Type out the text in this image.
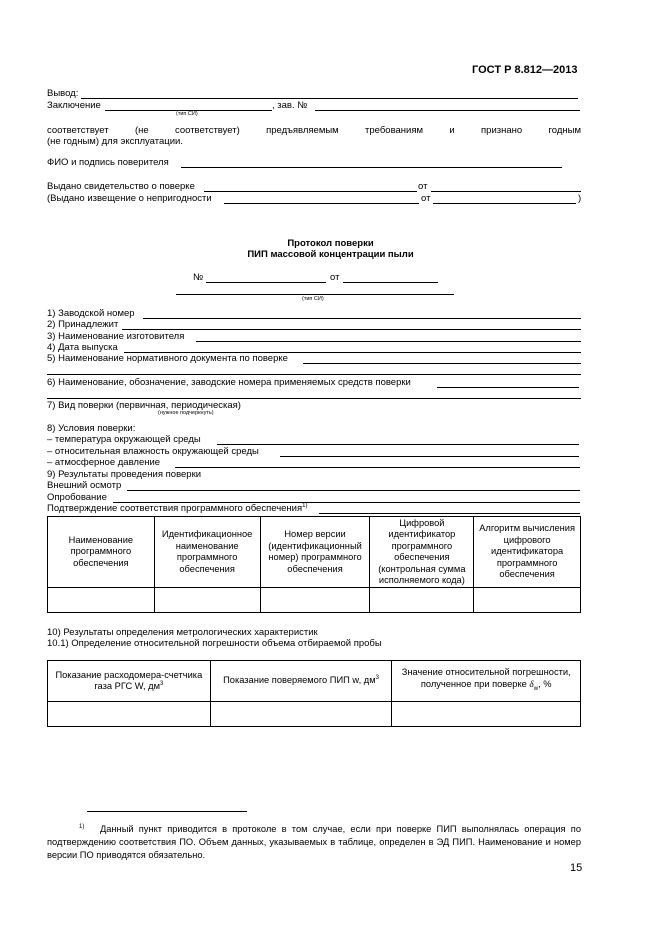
ГОСТ Р 8.812—2013
Вывод:
Заключение	, зав. №
(тип СИ)
соответствует	(не	соответствует)	предъявляемым	требованиям	и	признано	годным
(не годным) для эксплуатации.
ФИО и подпись поверителя
Выдано свидетельство о поверке	от
(Выдано извещение о непригодности	от	)
Протокол поверки
ПИП массовой концентрации пыли
№	от
(тип СИ)
1) Заводской номер
2) Принадлежит
3) Наименование изготовителя
4) Дата выпуска
5) Наименование нормативного документа по поверке
6) Наименование, обозначение, заводские номера применяемых средств поверки
7) Вид поверки (первичная, периодическая)
(нужное подчеркнуть)
8) Условия поверки:
– температура окружающей среды
– относительная влажность окружающей среды
– атмосферное давление
9) Результаты проведения поверки
Внешний осмотр
Опробование
Подтверждение соответствия программного обеспечения$^{1)}$
Наименование программного обеспечения	Идентификационное наименование программного обеспечения	Номер версии (идентификационный номер) программного обеспечения	Цифровой идентификатор программного обеспечения (контрольная сумма исполняемого кода)	Алгоритм вычисления цифрового идентификатора программного обеспечения

10) Результаты определения метрологических характеристик
10.1) Определение относительной погрешности объема отбираемой пробы
Показание расходомера-счетчика газа РГС W, $дм^3$	Показание поверяемого ПИП w, $дм^3$	Значение относительной погрешности, полученное при поверке $\delta_w$, %

$^{1)}$ Данный пункт приводится в протоколе в том случае, если при поверке ПИП выполнялась операция по подтверждению соответствия ПО. Объем данных, указываемых в таблице, определен в ЭД ПИП. Наименование и номер версии ПО приводятся обязательно.
15
